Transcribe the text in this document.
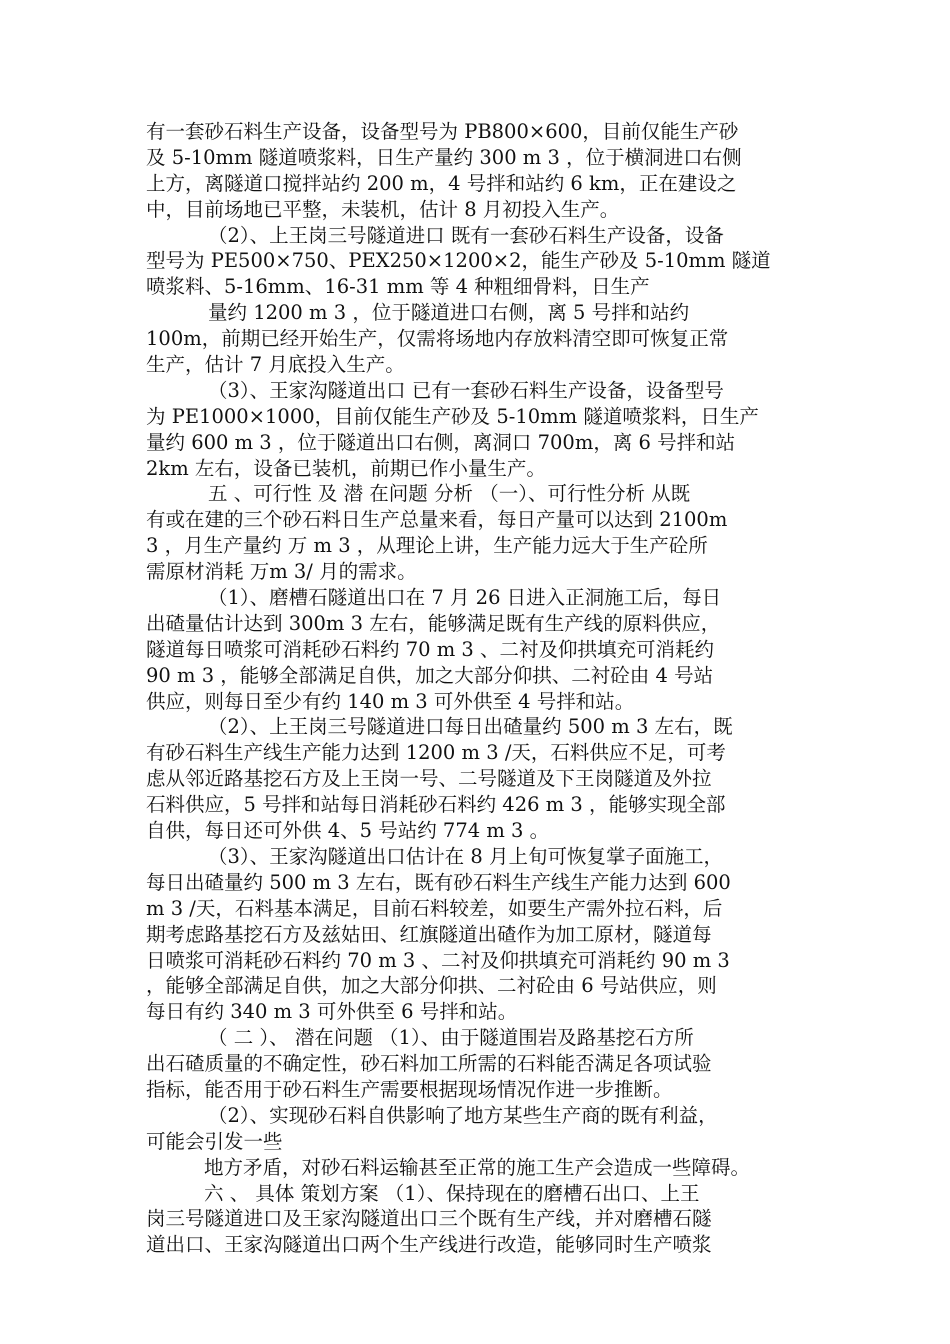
有一套砂石料生产设备，设备型号为 PB800×600，目前仅能生产砂
及 5-10mm 隧道喷浆料，日生产量约 300 m 3 ，位于横洞进口右侧
上方，离隧道口搅拌站约 200 m，4 号拌和站约 6 km，正在建设之
中，目前场地已平整，未装机，估计 8 月初投入生产。
（2）、上王岗三号隧道进口 既有一套砂石料生产设备，设备
型号为 PE500×750、PEX250×1200×2，能生产砂及 5-10mm 隧道
喷浆料、5-16mm、16-31 mm 等 4 种粗细骨料，日生产
量约 1200 m 3 ，位于隧道进口右侧，离 5 号拌和站约
100m，前期已经开始生产，仅需将场地内存放料清空即可恢复正常
生产，估计 7 月底投入生产。
（3）、王家沟隧道出口 已有一套砂石料生产设备，设备型号
为 PE1000×1000，目前仅能生产砂及 5-10mm 隧道喷浆料，日生产
量约 600 m 3 ，位于隧道出口右侧，离洞口 700m，离 6 号拌和站
2km 左右，设备已装机，前期已作小量生产。
五 、可行性 及 潜 在问题 分析 （一）、可行性分析 从既
有或在建的三个砂石料日生产总量来看，每日产量可以达到 2100m
3 ，月生产量约 万 m 3 ，从理论上讲，生产能力远大于生产砼所
需原材消耗 万m 3/ 月的需求。
（1）、磨槽石隧道出口在 7 月 26 日进入正洞施工后，每日
出碴量估计达到 300m 3 左右，能够满足既有生产线的原料供应，
隧道每日喷浆可消耗砂石料约 70 m 3 、二衬及仰拱填充可消耗约
90 m 3 ，能够全部满足自供，加之大部分仰拱、二衬砼由 4 号站
供应，则每日至少有约 140 m 3 可外供至 4 号拌和站。
（2）、上王岗三号隧道进口每日出碴量约 500 m 3 左右，既
有砂石料生产线生产能力达到 1200 m 3 /天，石料供应不足，可考
虑从邻近路基挖石方及上王岗一号、二号隧道及下王岗隧道及外拉
石料供应，5 号拌和站每日消耗砂石料约 426 m 3 ，能够实现全部
自供，每日还可外供 4、5 号站约 774 m 3 。
（3）、王家沟隧道出口估计在 8 月上旬可恢复掌子面施工，
每日出碴量约 500 m 3 左右，既有砂石料生产线生产能力达到 600
m 3 /天，石料基本满足，目前石料较差，如要生产需外拉石料，后
期考虑路基挖石方及兹姑田、红旗隧道出碴作为加工原材，隧道每
日喷浆可消耗砂石料约 70 m 3 、二衬及仰拱填充可消耗约 90 m 3
，能够全部满足自供，加之大部分仰拱、二衬砼由 6 号站供应，则
每日有约 340 m 3 可外供至 6 号拌和站。
（ 二 ）、 潜在问题 （1）、由于隧道围岩及路基挖石方所
出石碴质量的不确定性，砂石料加工所需的石料能否满足各项试验
指标，能否用于砂石料生产需要根据现场情况作进一步推断。
（2）、实现砂石料自供影响了地方某些生产商的既有利益，
可能会引发一些
地方矛盾，对砂石料运输甚至正常的施工生产会造成一些障碍。
六 、 具体 策划方案 （1）、保持现在的磨槽石出口、上王
岗三号隧道进口及王家沟隧道出口三个既有生产线，并对磨槽石隧
道出口、王家沟隧道出口两个生产线进行改造，能够同时生产喷浆
